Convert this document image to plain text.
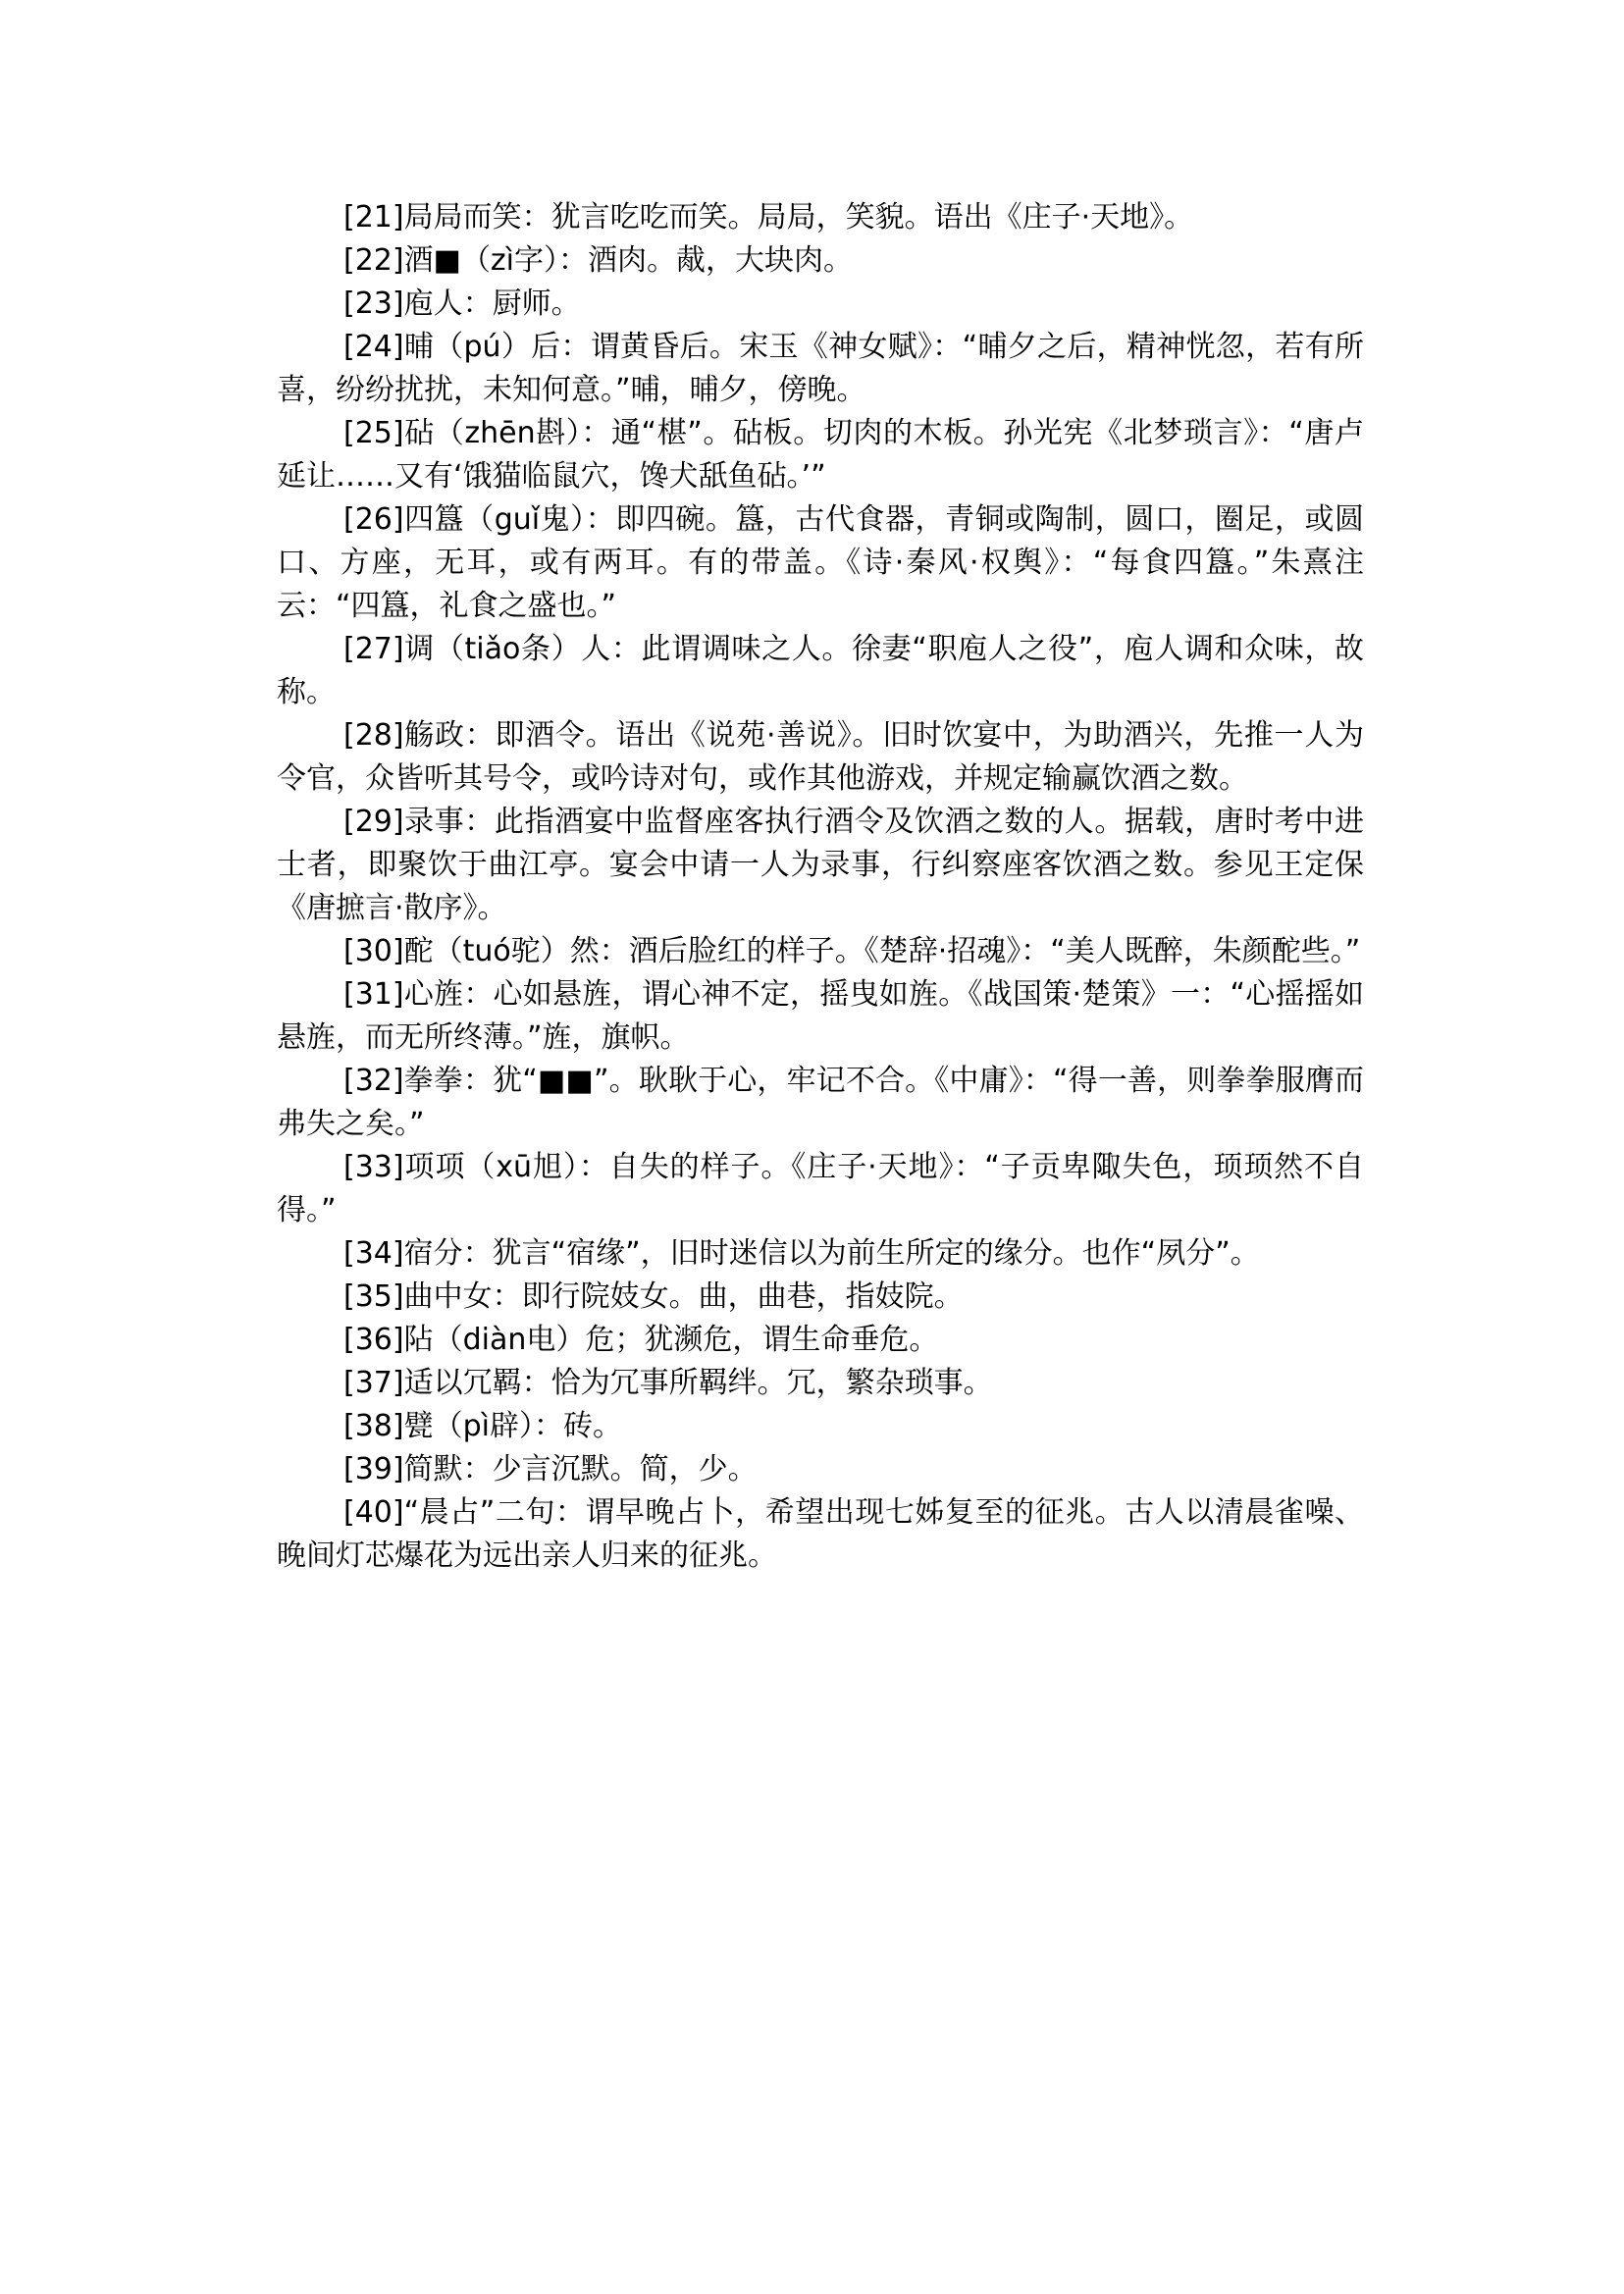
[21]局局而笑：犹言吃吃而笑。局局，笑貌。语出《庄子·天地》。

[22]酒■（zì字）：酒肉。胾，大块肉。

[23]庖人：厨师。

[24]晡（pú）后：谓黄昏后。宋玉《神女赋》：“晡夕之后，精神恍忽，若有所喜，纷纷扰扰，未知何意。”晡，晡夕，傍晚。

[25]砧（zhēn斟）：通“椹”。砧板。切肉的木板。孙光宪《北梦琐言》：“唐卢延让……又有‘饿猫临鼠穴，馋犬舐鱼砧。’”

[26]四簋（guǐ鬼）：即四碗。簋，古代食器，青铜或陶制，圆口，圈足，或圆口、方座，无耳，或有两耳。有的带盖。《诗·秦风·权舆》：“每食四簋。”朱熹注云：“四簋，礼食之盛也。”

[27]调（tiǎo条）人：此谓调味之人。徐妻“职庖人之役”，庖人调和众味，故称。

[28]觞政：即酒令。语出《说苑·善说》。旧时饮宴中，为助酒兴，先推一人为令官，众皆听其号令，或吟诗对句，或作其他游戏，并规定输赢饮酒之数。

[29]录事：此指酒宴中监督座客执行酒令及饮酒之数的人。据载，唐时考中进士者，即聚饮于曲江亭。宴会中请一人为录事，行纠察座客饮酒之数。参见王定保《唐摭言·散序》。

[30]酡（tuó驼）然：酒后脸红的样子。《楚辞·招魂》：“美人既醉，朱颜酡些。”

[31]心旌：心如悬旌，谓心神不定，摇曳如旌。《战国策·楚策》一：“心摇摇如悬旌，而无所终薄。”旌，旗帜。

[32]拳拳：犹“■■”。耿耿于心，牢记不合。《中庸》：“得一善，则拳拳服膺而弗失之矣。”

[33]项项（xū旭）：自失的样子。《庄子·天地》：“子贡卑陬失色，顼顼然不自得。”

[34]宿分：犹言“宿缘”，旧时迷信以为前生所定的缘分。也作“夙分”。

[35]曲中女：即行院妓女。曲，曲巷，指妓院。

[36]阽（diàn电）危；犹濒危，谓生命垂危。

[37]适以冗羁：恰为冗事所羁绊。冗，繁杂琐事。

[38]甓（pì辟）：砖。

[39]简默：少言沉默。简，少。

[40]“晨占”二句：谓早晚占卜，希望出现七姊复至的征兆。古人以清晨雀噪、晚间灯芯爆花为远出亲人归来的征兆。
